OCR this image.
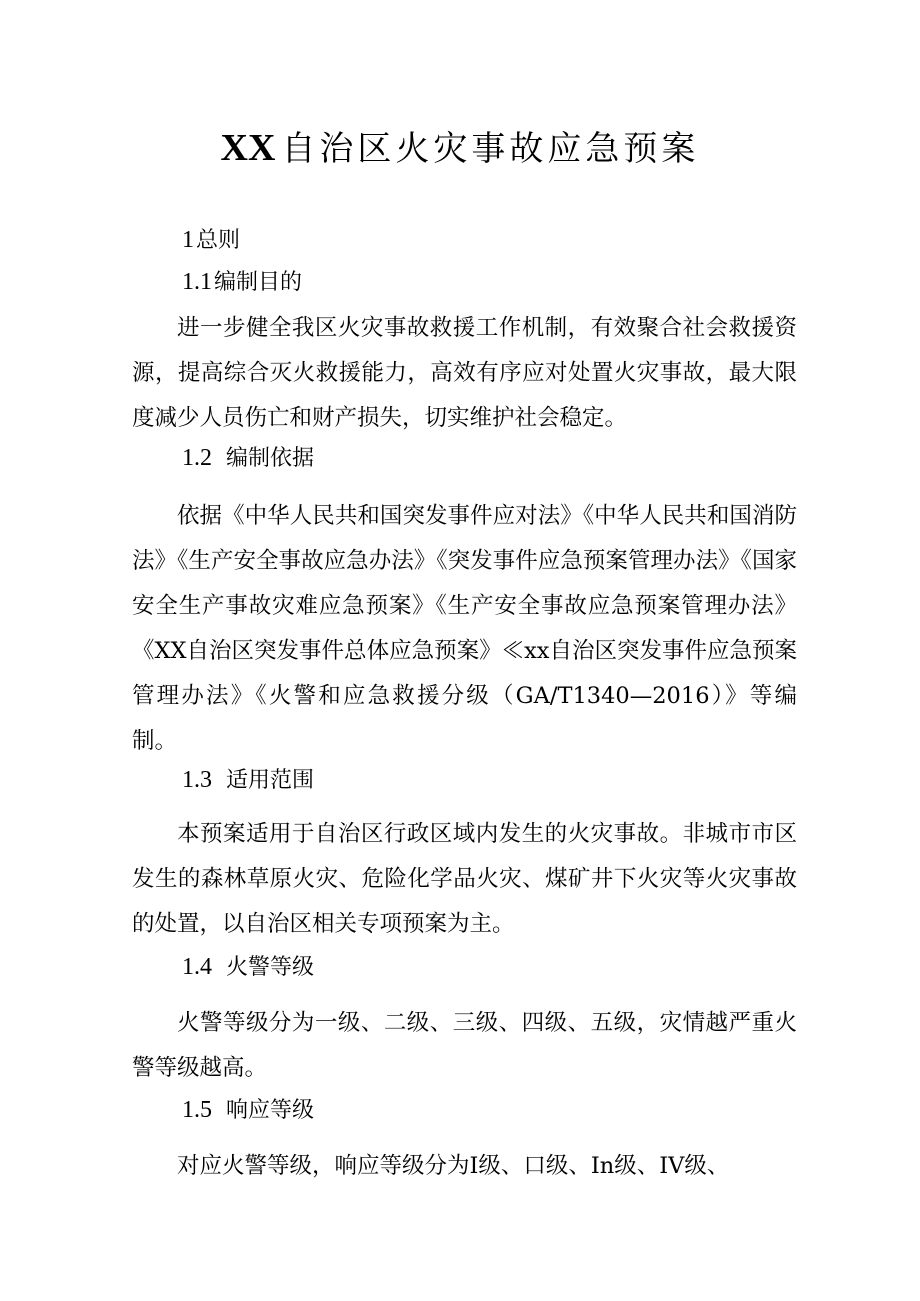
XX 自治区火灾事故应急预案
1总则
1.1编制目的
进一步健全我区火灾事故救援工作机制，有效聚合社会救援资源，提高综合灭火救援能力，高效有序应对处置火灾事故，最大限度减少人员伤亡和财产损失，切实维护社会稳定。
1.2 编制依据
依据《中华人民共和国突发事件应对法》《中华人民共和国消防法》《生产安全事故应急办法》《突发事件应急预案管理办法》《国家安全生产事故灾难应急预案》《生产安全事故应急预案管理办法》《XX自治区突发事件总体应急预案》≪xx自治区突发事件应急预案管理办法》《火警和应急救援分级（GA/T1340—2016）》等编制。
1.3 适用范围
本预案适用于自治区行政区域内发生的火灾事故。非城市市区发生的森林草原火灾、危险化学品火灾、煤矿井下火灾等火灾事故的处置，以自治区相关专项预案为主。
1.4 火警等级
火警等级分为一级、二级、三级、四级、五级，灾情越严重火警等级越高。
1.5 响应等级
对应火警等级，响应等级分为I级、口级、In级、IV级、
